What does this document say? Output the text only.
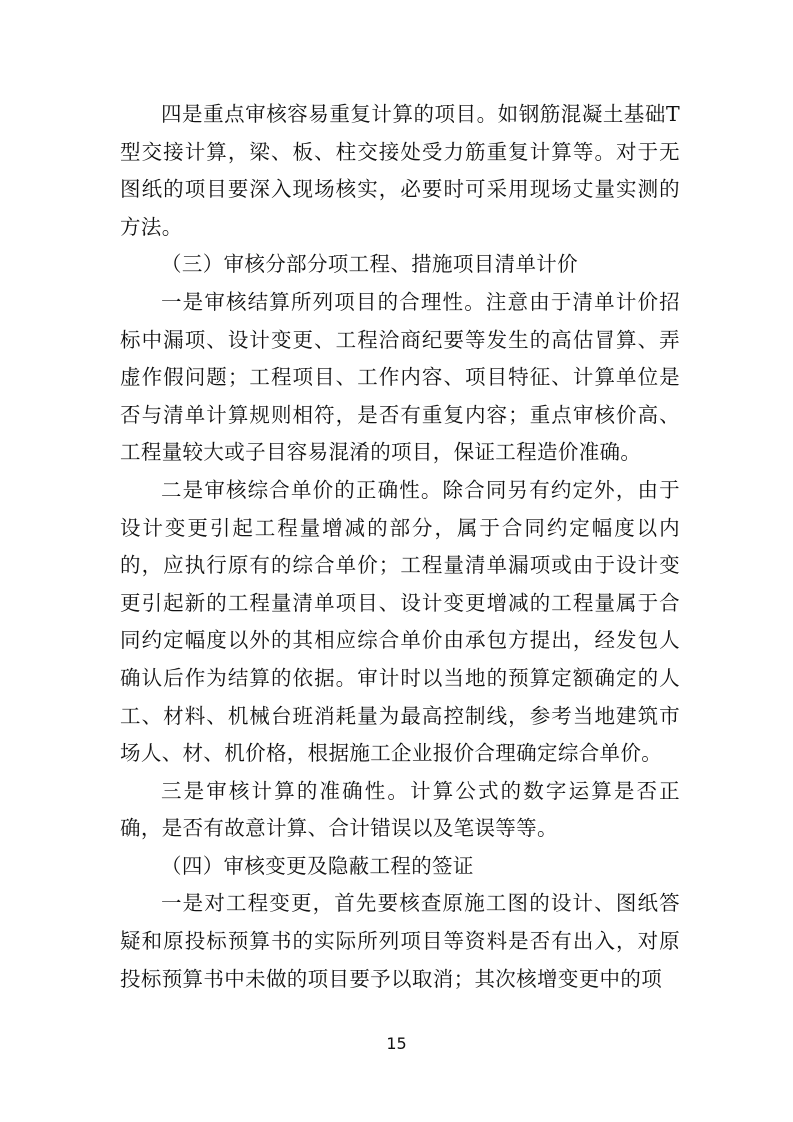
四是重点审核容易重复计算的项目。如钢筋混凝土基础T型交接计算，梁、板、柱交接处受力筋重复计算等。对于无图纸的项目要深入现场核实，必要时可采用现场丈量实测的方法。

（三）审核分部分项工程、措施项目清单计价

一是审核结算所列项目的合理性。注意由于清单计价招标中漏项、设计变更、工程洽商纪要等发生的高估冒算、弄虚作假问题；工程项目、工作内容、项目特征、计算单位是否与清单计算规则相符，是否有重复内容；重点审核价高、工程量较大或子目容易混淆的项目，保证工程造价准确。

二是审核综合单价的正确性。除合同另有约定外，由于设计变更引起工程量增减的部分，属于合同约定幅度以内的，应执行原有的综合单价；工程量清单漏项或由于设计变更引起新的工程量清单项目、设计变更增减的工程量属于合同约定幅度以外的其相应综合单价由承包方提出，经发包人确认后作为结算的依据。审计时以当地的预算定额确定的人工、材料、机械台班消耗量为最高控制线，参考当地建筑市场人、材、机价格，根据施工企业报价合理确定综合单价。

三是审核计算的准确性。计算公式的数字运算是否正确，是否有故意计算、合计错误以及笔误等等。

（四）审核变更及隐蔽工程的签证

一是对工程变更，首先要核查原施工图的设计、图纸答疑和原投标预算书的实际所列项目等资料是否有出入，对原投标预算书中未做的项目要予以取消；其次核增变更中的项

15
